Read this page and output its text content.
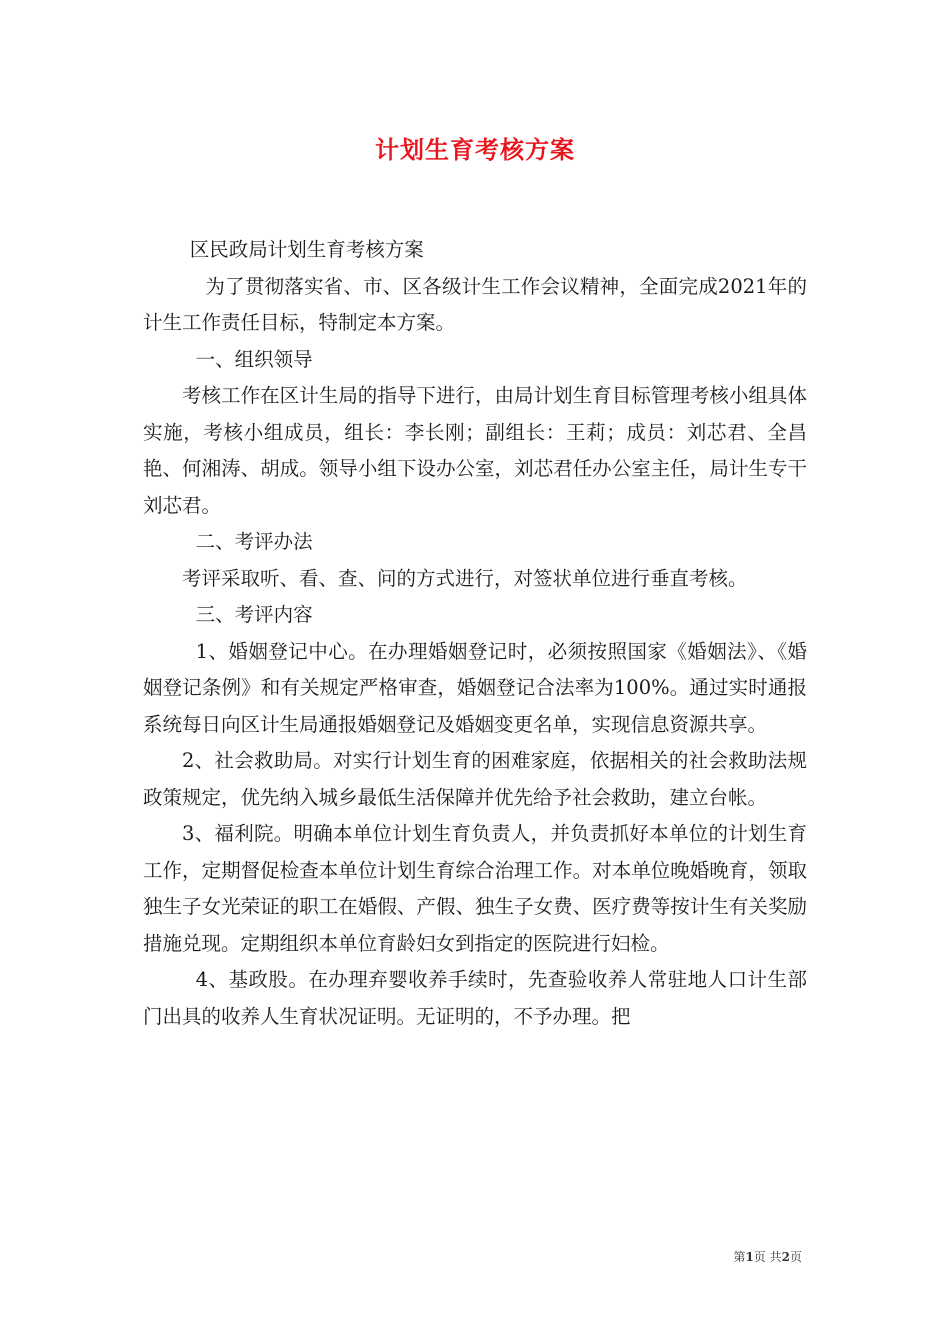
计划生育考核方案

区民政局计划生育考核方案

为了贯彻落实省、市、区各级计生工作会议精神，全面完成2021年的计生工作责任目标，特制定本方案。

一、组织领导

考核工作在区计生局的指导下进行，由局计划生育目标管理考核小组具体实施，考核小组成员，组长：李长刚；副组长：王莉；成员：刘芯君、全昌艳、何湘涛、胡成。领导小组下设办公室，刘芯君任办公室主任，局计生专干刘芯君。

二、考评办法

考评采取听、看、查、问的方式进行，对签状单位进行垂直考核。

三、考评内容

1、婚姻登记中心。在办理婚姻登记时，必须按照国家《婚姻法》、《婚姻登记条例》和有关规定严格审查，婚姻登记合法率为100%。通过实时通报系统每日向区计生局通报婚姻登记及婚姻变更名单，实现信息资源共享。

2、社会救助局。对实行计划生育的困难家庭，依据相关的社会救助法规政策规定，优先纳入城乡最低生活保障并优先给予社会救助，建立台帐。

3、福利院。明确本单位计划生育负责人，并负责抓好本单位的计划生育工作，定期督促检查本单位计划生育综合治理工作。对本单位晚婚晚育，领取独生子女光荣证的职工在婚假、产假、独生子女费、医疗费等按计生有关奖励措施兑现。定期组织本单位育龄妇女到指定的医院进行妇检。

4、基政股。在办理弃婴收养手续时，先查验收养人常驻地人口计生部门出具的收养人生育状况证明。无证明的，不予办理。把

第1页 共2页
